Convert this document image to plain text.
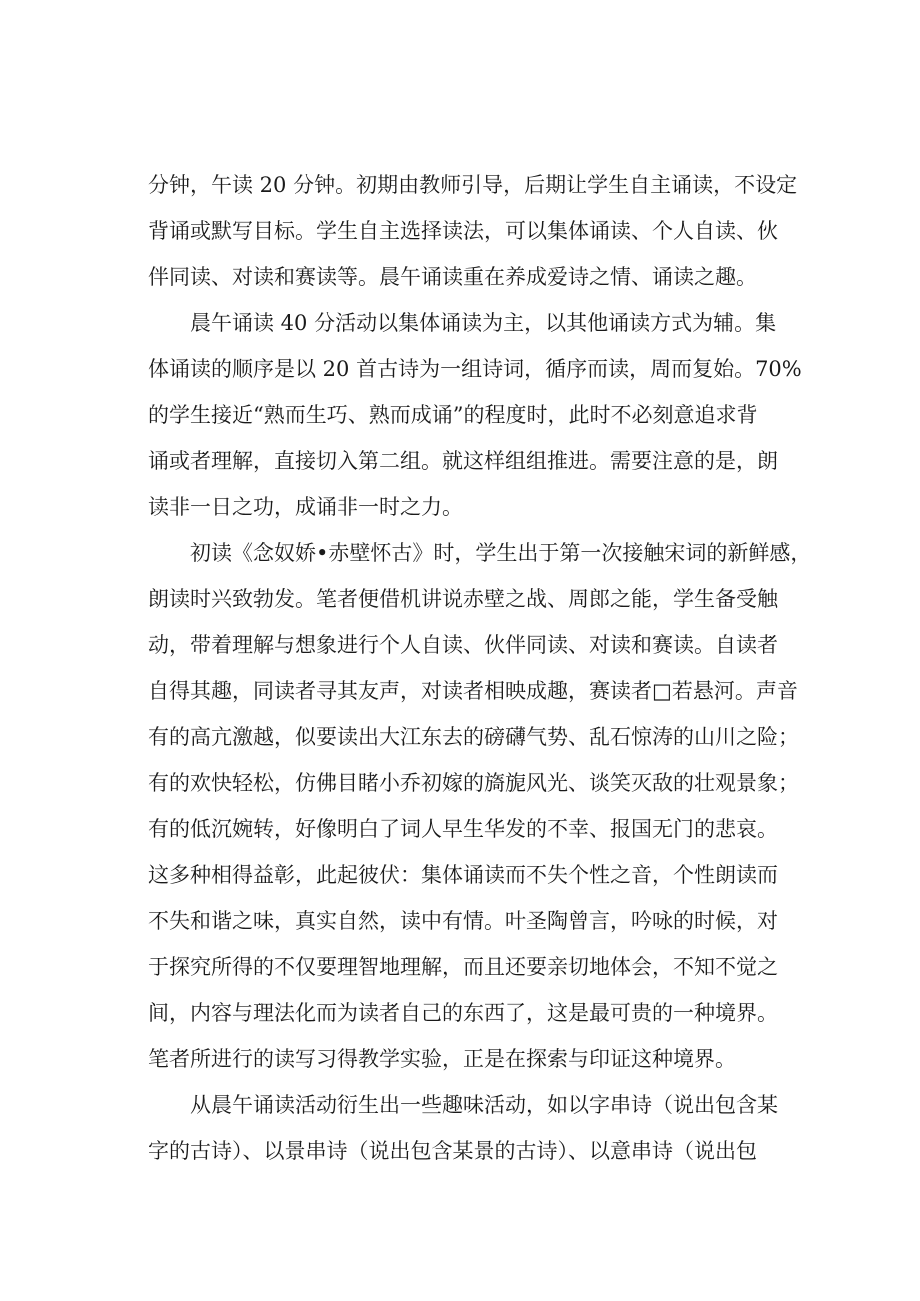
分钟，午读 20 分钟。初期由教师引导，后期让学生自主诵读，不设定
背诵或默写目标。学生自主选择读法，可以集体诵读、个人自读、伙
伴同读、对读和赛读等。晨午诵读重在养成爱诗之情、诵读之趣。
晨午诵读 40 分活动以集体诵读为主，以其他诵读方式为辅。集
体诵读的顺序是以 20 首古诗为一组诗词，循序而读，周而复始。70%
的学生接近“熟而生巧、熟而成诵”的程度时，此时不必刻意追求背
诵或者理解，直接切入第二组。就这样组组推进。需要注意的是，朗
读非一日之功，成诵非一时之力。
初读《念奴娇•赤壁怀古》时，学生出于第一次接触宋词的新鲜感，
朗读时兴致勃发。笔者便借机讲说赤壁之战、周郎之能，学生备受触
动，带着理解与想象进行个人自读、伙伴同读、对读和赛读。自读者
自得其趣，同读者寻其友声，对读者相映成趣，赛读者□若悬河。声音
有的高亢激越，似要读出大江东去的磅礴气势、乱石惊涛的山川之险；
有的欢快轻松，仿佛目睹小乔初嫁的旖旎风光、谈笑灭敌的壮观景象；
有的低沉婉转，好像明白了词人早生华发的不幸、报国无门的悲哀。
这多种相得益彰，此起彼伏：集体诵读而不失个性之音，个性朗读而
不失和谐之味，真实自然，读中有情。叶圣陶曾言，吟咏的时候，对
于探究所得的不仅要理智地理解，而且还要亲切地体会，不知不觉之
间，内容与理法化而为读者自己的东西了，这是最可贵的一种境界。
笔者所进行的读写习得教学实验，正是在探索与印证这种境界。
从晨午诵读活动衍生出一些趣味活动，如以字串诗（说出包含某
字的古诗）、以景串诗（说出包含某景的古诗）、以意串诗（说出包
